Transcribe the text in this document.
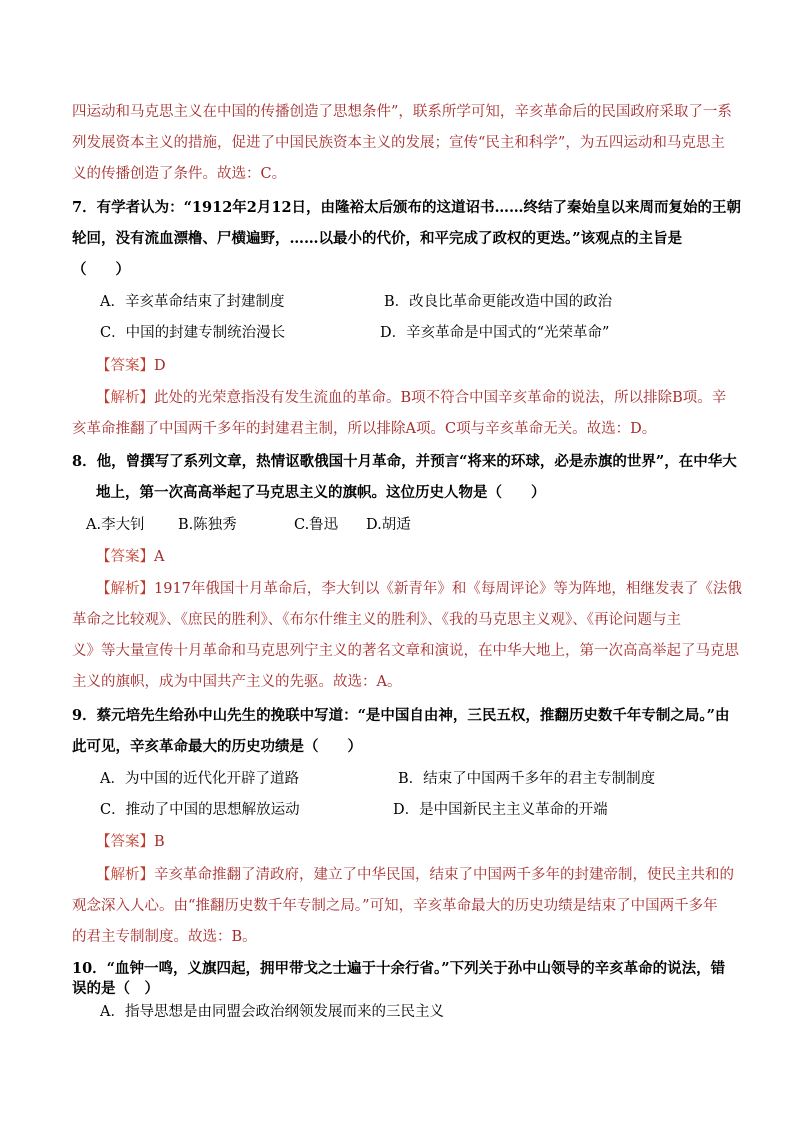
四运动和马克思主义在中国的传播创造了思想条件”，联系所学可知，辛亥革命后的民国政府采取了一系
列发展资本主义的措施，促进了中国民族资本主义的发展；宣传“民主和科学”，为五四运动和马克思主
义的传播创造了条件。故选：C。
7．有学者认为：“1912年2月12日，由隆裕太后颁布的这道诏书……终结了秦始皇以来周而复始的王朝
轮回，没有流血漂橹、尸横遍野，……以最小的代价，和平完成了政权的更迭。”该观点的主旨是
（　　）
A．辛亥革命结束了封建制度	B．改良比革命更能改造中国的政治
C．中国的封建专制统治漫长	D．辛亥革命是中国式的“光荣革命”
【答案】D
【解析】此处的光荣意指没有发生流血的革命。B项不符合中国辛亥革命的说法，所以排除B项。辛
亥革命推翻了中国两千多年的封建君主制，所以排除A项。C项与辛亥革命无关。故选：D。
8．他，曾撰写了系列文章，热情讴歌俄国十月革命，并预言“将来的环球，必是赤旗的世界”，在中华大
地上，第一次高高举起了马克思主义的旗帜。这位历史人物是（　　）
A.李大钊 B.陈独秀	C.鲁迅 D.胡适
【答案】A
【解析】1917年俄国十月革命后，李大钊以《新青年》和《每周评论》等为阵地，相继发表了《法俄
革命之比较观》、《庶民的胜利》、《布尔什维主义的胜利》、《我的马克思主义观》、《再论问题与主
义》等大量宣传十月革命和马克思列宁主义的著名文章和演说，在中华大地上，第一次高高举起了马克思
主义的旗帜，成为中国共产主义的先驱。故选：A。
9．蔡元培先生给孙中山先生的挽联中写道：“是中国自由神，三民五权，推翻历史数千年专制之局。”由
此可见，辛亥革命最大的历史功绩是（　　）
A．为中国的近代化开辟了道路	B．结束了中国两千多年的君主专制制度
C．推动了中国的思想解放运动	D．是中国新民主主义革命的开端
【答案】B
【解析】辛亥革命推翻了清政府，建立了中华民国，结束了中国两千多年的封建帝制，使民主共和的
观念深入人心。由“推翻历史数千年专制之局。”可知，辛亥革命最大的历史功绩是结束了中国两千多年
的君主专制制度。故选：B。
10．“血钟一鸣，义旗四起，拥甲带戈之士遍于十余行省。”下列关于孙中山领导的辛亥革命的说法，错
误的是（　）
A．指导思想是由同盟会政治纲领发展而来的三民主义
